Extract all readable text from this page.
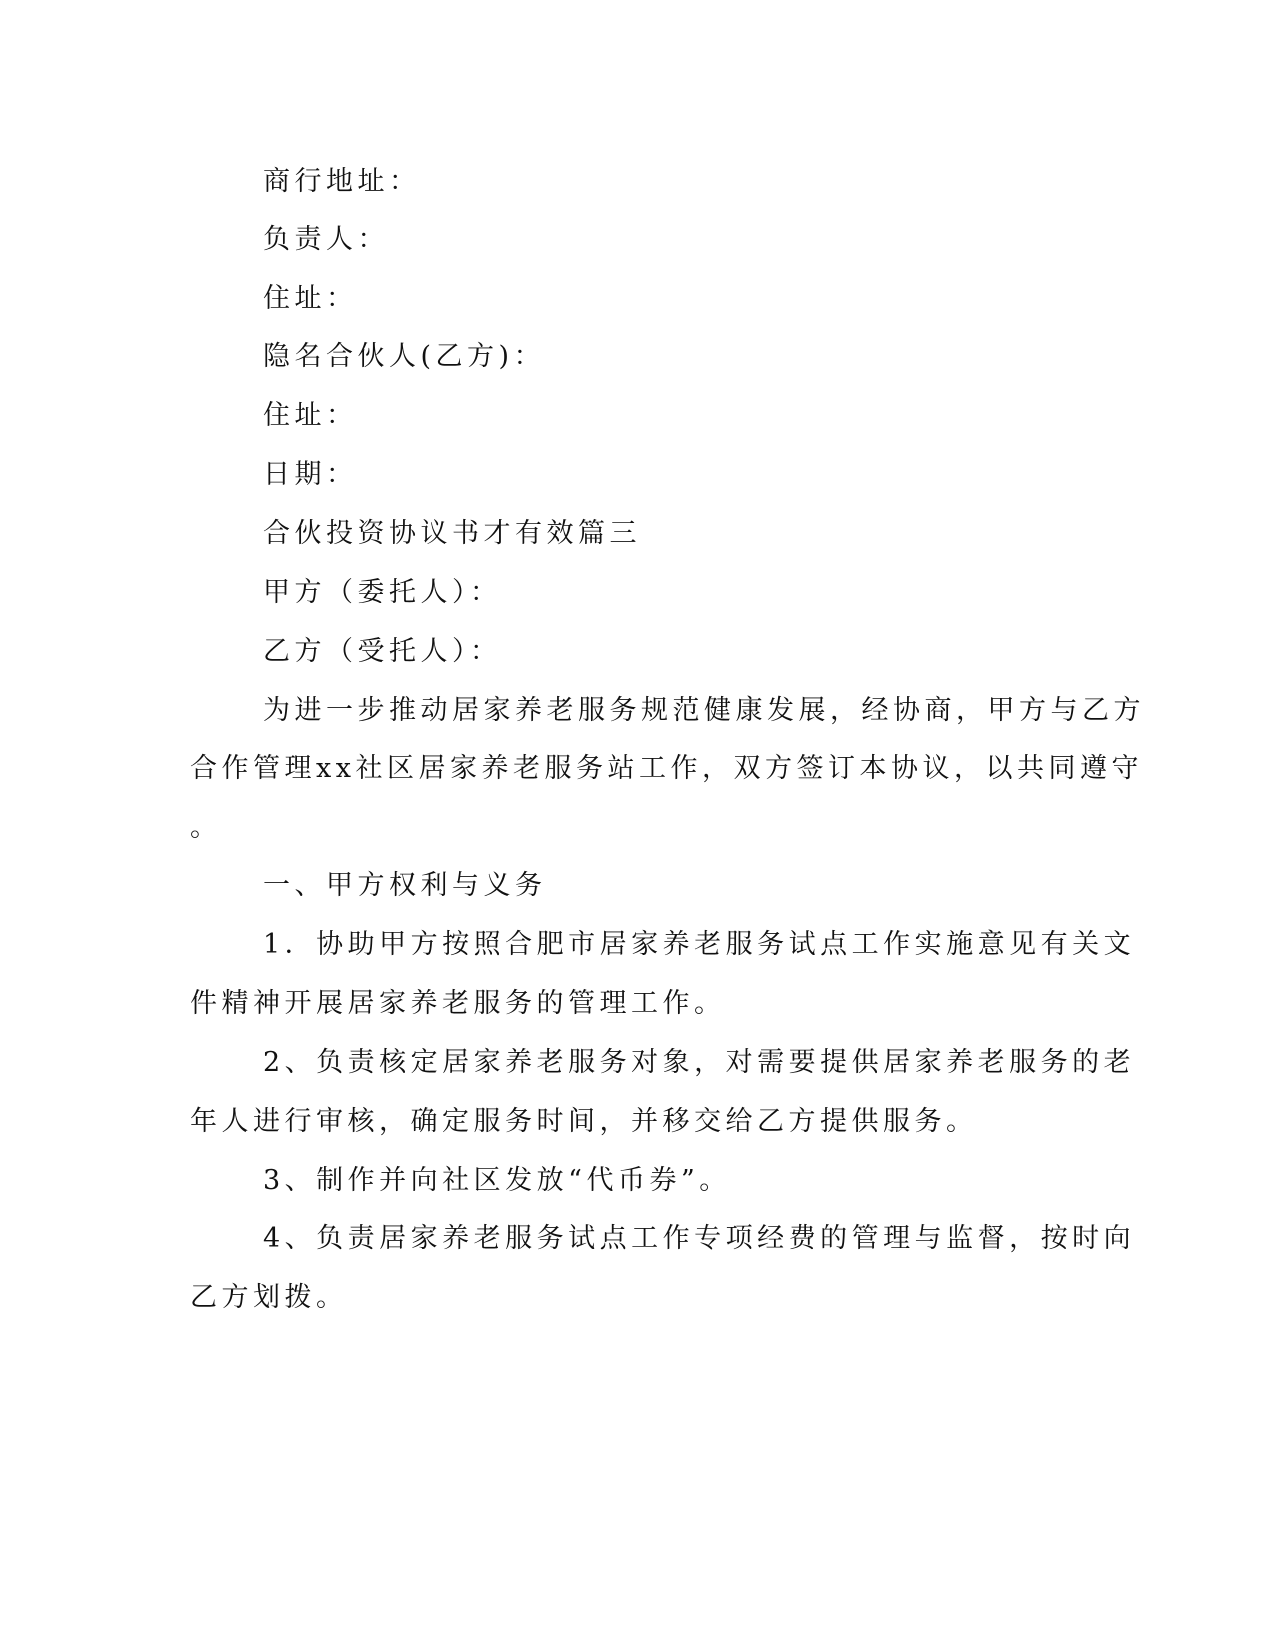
商行地址：
负责人：
住址：
隐名合伙人(乙方)：
住址：
日期：
合伙投资协议书才有效篇三
甲方（委托人）：
乙方（受托人）：
为进一步推动居家养老服务规范健康发展，经协商，甲方与乙方
合作管理xx社区居家养老服务站工作，双方签订本协议，以共同遵守
。
一、甲方权利与义务
1．协助甲方按照合肥市居家养老服务试点工作实施意见有关文
件精神开展居家养老服务的管理工作。
2、负责核定居家养老服务对象，对需要提供居家养老服务的老
年人进行审核，确定服务时间，并移交给乙方提供服务。
3、制作并向社区发放“代币券”。
4、负责居家养老服务试点工作专项经费的管理与监督，按时向
乙方划拨。
